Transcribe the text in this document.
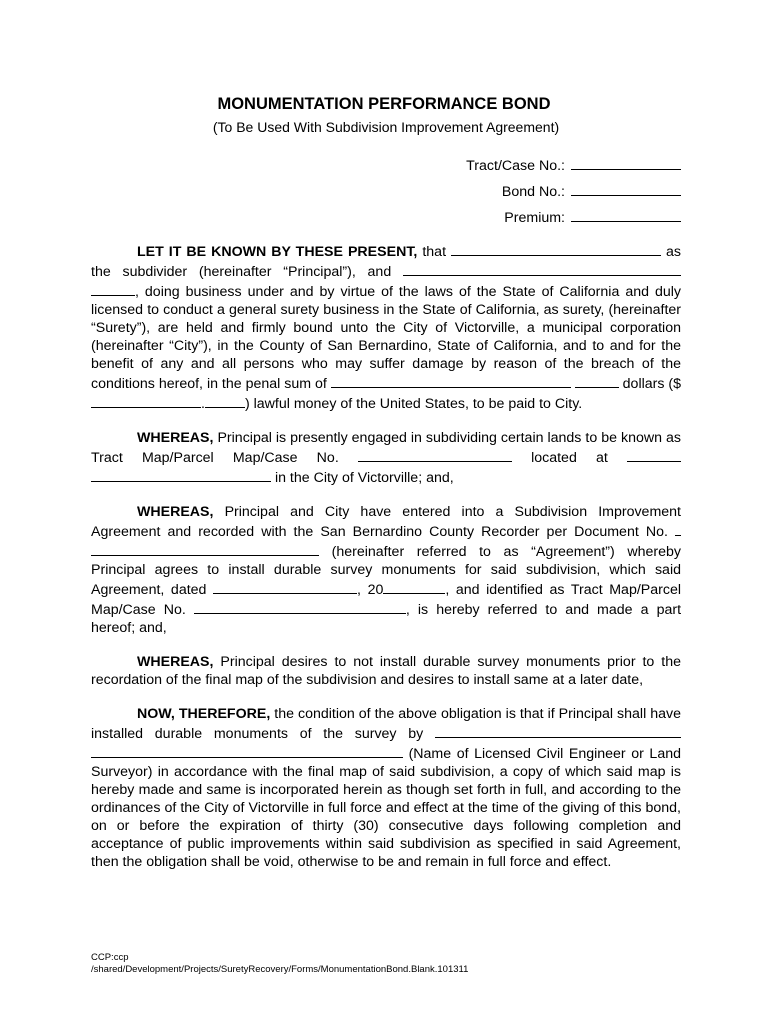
MONUMENTATION PERFORMANCE BOND
(To Be Used With Subdivision Improvement Agreement)
Tract/Case No.:
Bond No.:
Premium:

LET IT BE KNOWN BY THESE PRESENT, that	as the subdivider (hereinafter “Principal”), and  , doing business under and by virtue of the laws of the State of California and duly licensed to conduct a general surety business in the State of California, as surety, (hereinafter “Surety”), are held and firmly bound unto the City of Victorville, a municipal corporation (hereinafter “City”), in the County of San Bernardino, State of California, and to and for the benefit of any and all persons who may suffer damage by reason of the breach of the conditions hereof, in the penal sum of	dollars ($.	) lawful money of the United States, to be paid to City.

WHEREAS, Principal is presently engaged in subdividing certain lands to be known as Tract Map/Parcel Map/Case No.	located at   in the City of Victorville; and,

WHEREAS, Principal and City have entered into a Subdivision Improvement Agreement and recorded with the San Bernardino County Recorder per Document No.   (hereinafter referred to as “Agreement”) whereby Principal agrees to install durable survey monuments for said subdivision, which said Agreement, dated	, 20	, and identified as Tract Map/Parcel Map/Case No.	, is hereby referred to and made a part hereof; and,

WHEREAS, Principal desires to not install durable survey monuments prior to the recordation of the final map of the subdivision and desires to install same at a later date,

NOW, THEREFORE, the condition of the above obligation is that if Principal shall have installed durable monuments of the survey by   (Name of Licensed Civil Engineer or Land Surveyor) in accordance with the final map of said subdivision, a copy of which said map is hereby made and same is incorporated herein as though set forth in full, and according to the ordinances of the City of Victorville in full force and effect at the time of the giving of this bond, on or before the expiration of thirty (30) consecutive days following completion and acceptance of public improvements within said subdivision as specified in said Agreement, then the obligation shall be void, otherwise to be and remain in full force and effect.

CCP:ccp
/shared/Development/Projects/SuretyRecovery/Forms/MonumentationBond.Blank.101311
